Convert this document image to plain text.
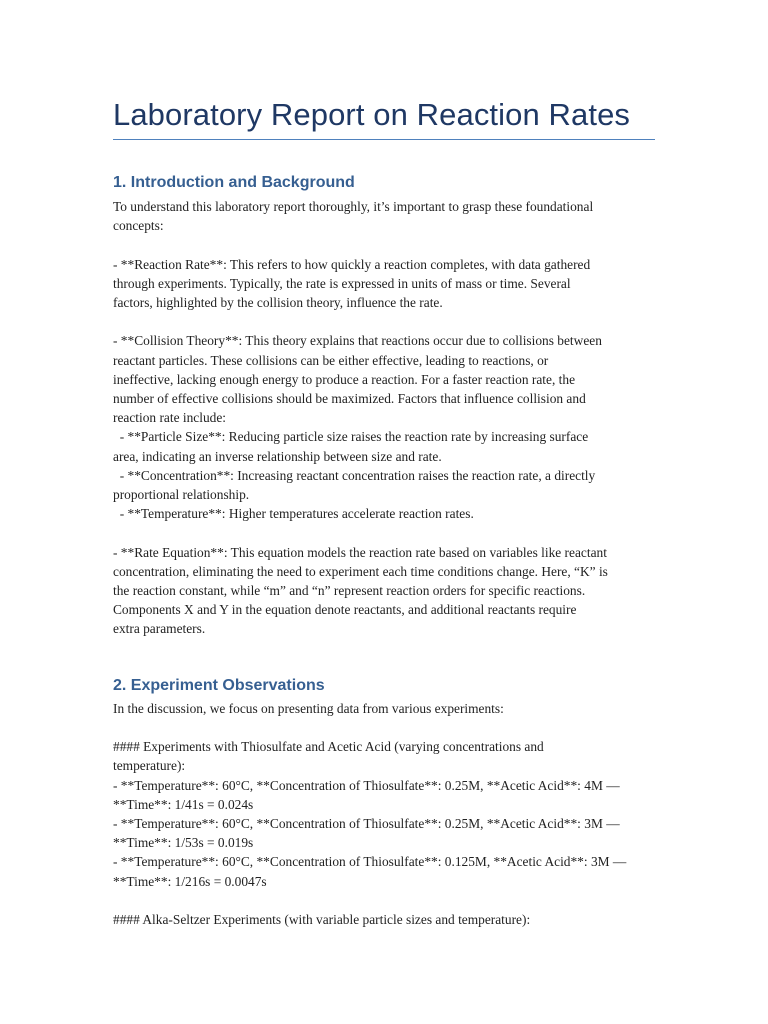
Laboratory Report on Reaction Rates
1. Introduction and Background

To understand this laboratory report thoroughly, it’s important to grasp these foundational
concepts:

- **Reaction Rate**: This refers to how quickly a reaction completes, with data gathered
through experiments. Typically, the rate is expressed in units of mass or time. Several
factors, highlighted by the collision theory, influence the rate.

- **Collision Theory**: This theory explains that reactions occur due to collisions between
reactant particles. These collisions can be either effective, leading to reactions, or
ineffective, lacking enough energy to produce a reaction. For a faster reaction rate, the
number of effective collisions should be maximized. Factors that influence collision and
reaction rate include:
- **Particle Size**: Reducing particle size raises the reaction rate by increasing surface
area, indicating an inverse relationship between size and rate.
- **Concentration**: Increasing reactant concentration raises the reaction rate, a directly
proportional relationship.
- **Temperature**: Higher temperatures accelerate reaction rates.

- **Rate Equation**: This equation models the reaction rate based on variables like reactant
concentration, eliminating the need to experiment each time conditions change. Here, “K” is
the reaction constant, while “m” and “n” represent reaction orders for specific reactions.
Components X and Y in the equation denote reactants, and additional reactants require
extra parameters.

2. Experiment Observations

In the discussion, we focus on presenting data from various experiments:

#### Experiments with Thiosulfate and Acetic Acid (varying concentrations and
temperature):
- **Temperature**: 60°C, **Concentration of Thiosulfate**: 0.25M, **Acetic Acid**: 4M —
**Time**: 1/41s = 0.024s
- **Temperature**: 60°C, **Concentration of Thiosulfate**: 0.25M, **Acetic Acid**: 3M —
**Time**: 1/53s = 0.019s
- **Temperature**: 60°C, **Concentration of Thiosulfate**: 0.125M, **Acetic Acid**: 3M —
**Time**: 1/216s = 0.0047s

#### Alka-Seltzer Experiments (with variable particle sizes and temperature):
